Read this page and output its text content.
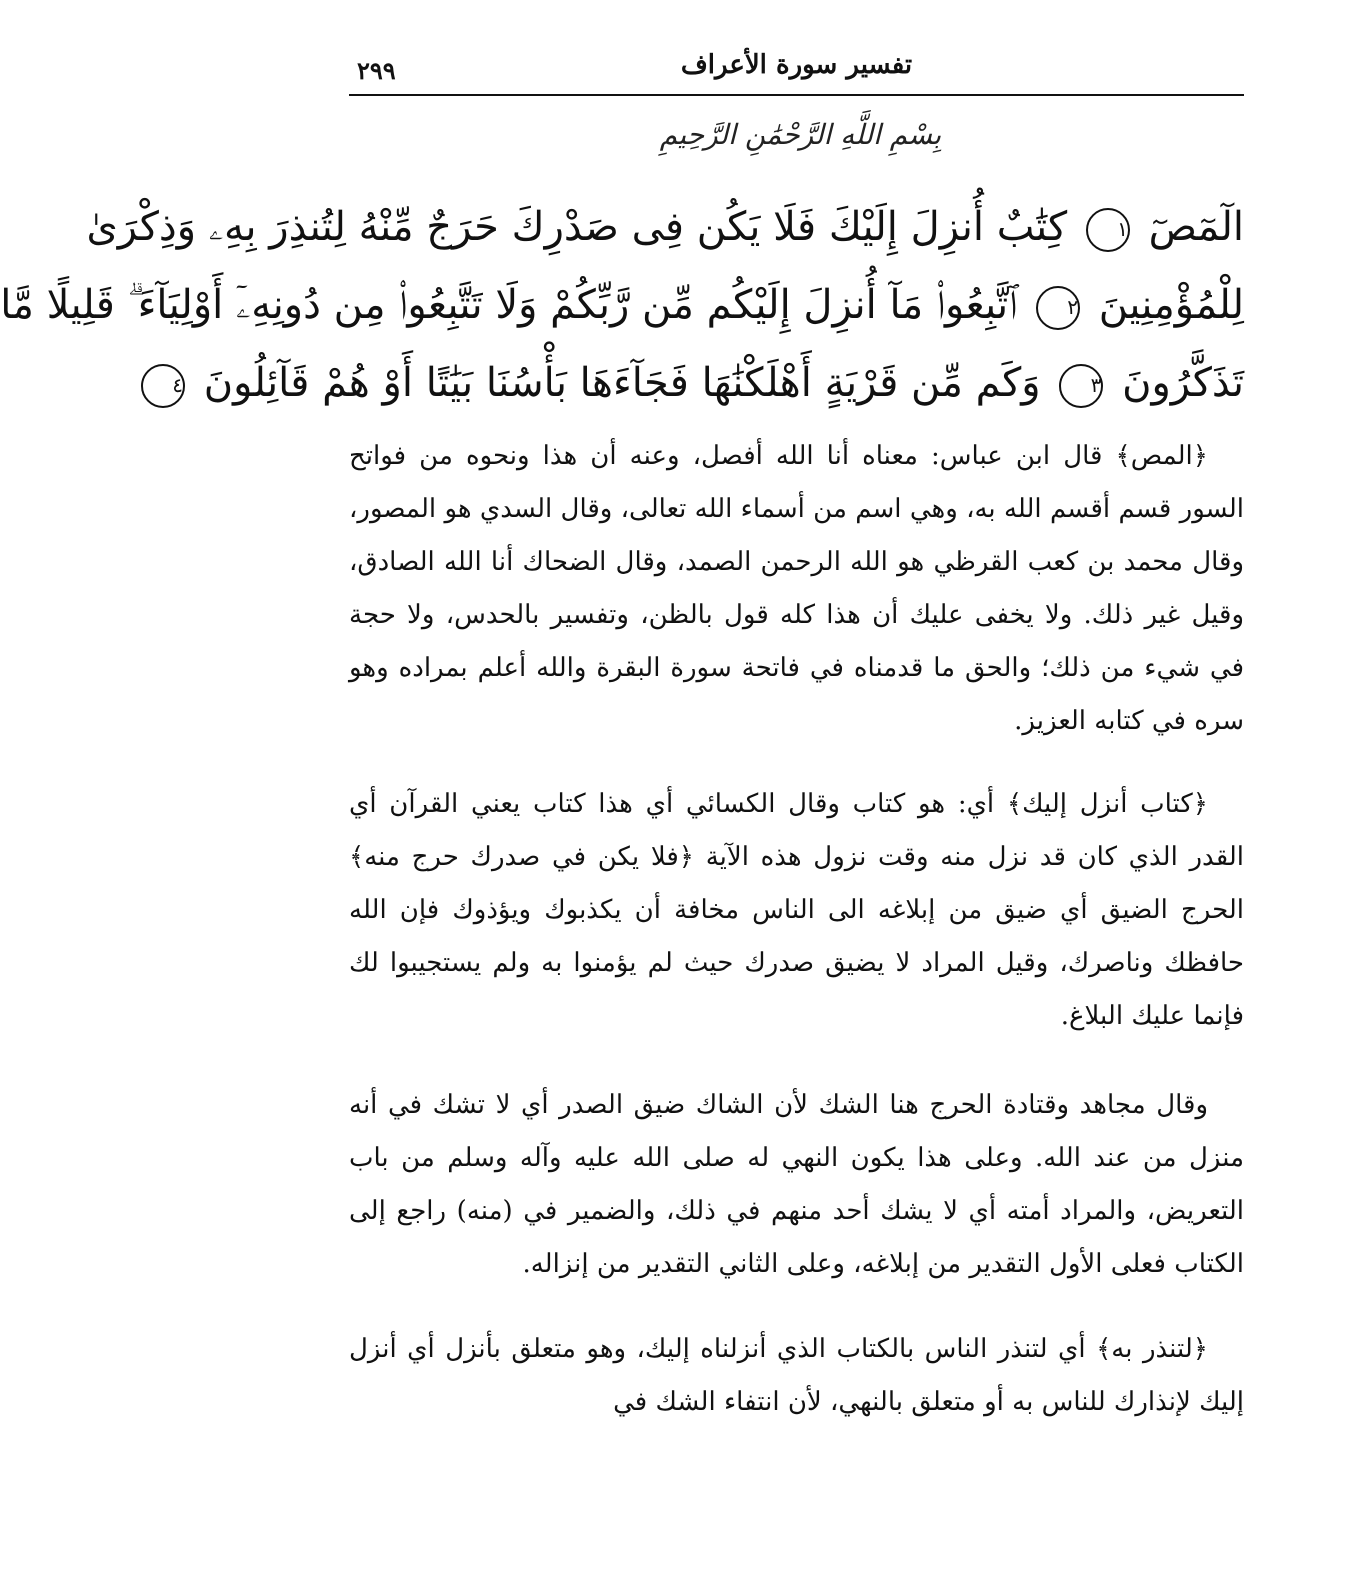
تفسير سورة الأعراف
٢٩٩
بِسْمِ اللَّهِ الرَّحْمَٰنِ الرَّحِيمِ
الٓمٓصٓ ١ كِتَٰبٌ أُنزِلَ إِلَيْكَ فَلَا يَكُن فِى صَدْرِكَ حَرَجٌ مِّنْهُ لِتُنذِرَ بِهِۦ وَذِكْرَىٰ
لِلْمُؤْمِنِينَ ٢ ٱتَّبِعُوا۟ مَآ أُنزِلَ إِلَيْكُم مِّن رَّبِّكُمْ وَلَا تَتَّبِعُوا۟ مِن دُونِهِۦٓ أَوْلِيَآءَ ۗ قَلِيلًا مَّا
تَذَكَّرُونَ ٣ وَكَم مِّن قَرْيَةٍ أَهْلَكْنَٰهَا فَجَآءَهَا بَأْسُنَا بَيَٰتًا أَوْ هُمْ قَآئِلُونَ ٤

﴿المص﴾ قال ابن عباس: معناه أنا الله أفصل، وعنه أن هذا ونحوه من فواتح السور قسم أقسم الله به، وهي اسم من أسماء الله تعالى، وقال السدي هو المصور، وقال محمد بن كعب القرظي هو الله الرحمن الصمد، وقال الضحاك أنا الله الصادق، وقيل غير ذلك. ولا يخفى عليك أن هذا كله قول بالظن، وتفسير بالحدس، ولا حجة في شيء من ذلك؛ والحق ما قدمناه في فاتحة سورة البقرة والله أعلم بمراده وهو سره في كتابه العزيز.

﴿كتاب أنزل إليك﴾ أي: هو كتاب وقال الكسائي أي هذا كتاب يعني القرآن أي القدر الذي كان قد نزل منه وقت نزول هذه الآية ﴿فلا يكن في صدرك حرج منه﴾ الحرج الضيق أي ضيق من إبلاغه الى الناس مخافة أن يكذبوك ويؤذوك فإن الله حافظك وناصرك، وقيل المراد لا يضيق صدرك حيث لم يؤمنوا به ولم يستجيبوا لك فإنما عليك البلاغ.

وقال مجاهد وقتادة الحرج هنا الشك لأن الشاك ضيق الصدر أي لا تشك في أنه منزل من عند الله. وعلى هذا يكون النهي له صلى الله عليه وآله وسلم من باب التعريض، والمراد أمته أي لا يشك أحد منهم في ذلك، والضمير في (منه) راجع إلى الكتاب فعلى الأول التقدير من إبلاغه، وعلى الثاني التقدير من إنزاله.

﴿لتنذر به﴾ أي لتنذر الناس بالكتاب الذي أنزلناه إليك، وهو متعلق بأنزل أي أنزل إليك لإنذارك للناس به أو متعلق بالنهي، لأن انتفاء الشك في
